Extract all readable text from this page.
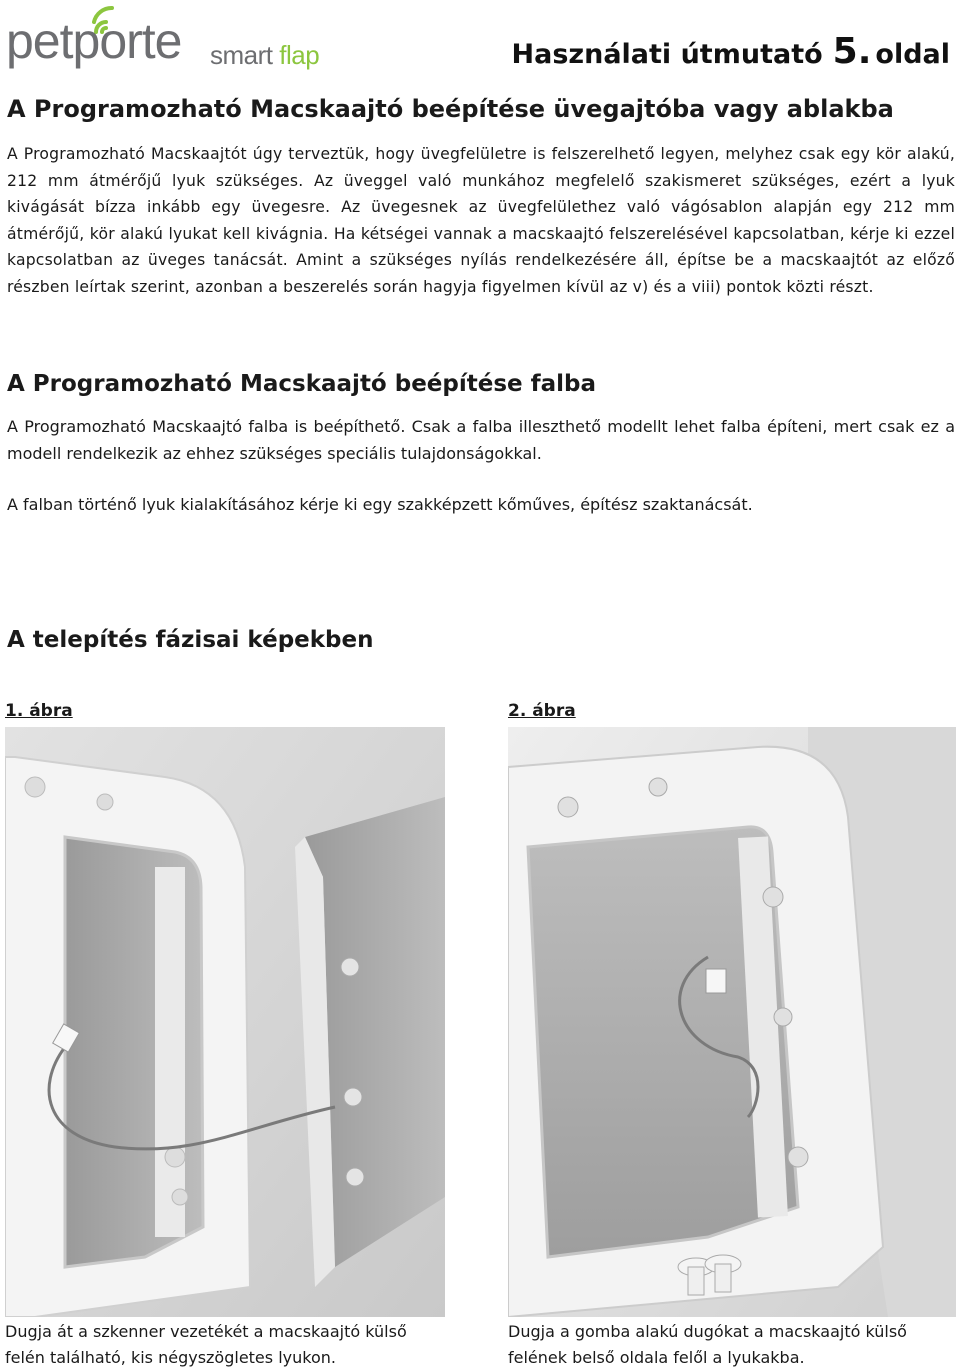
petporte smart flap	Használati útmutató 5. oldal
A Programozható Macskaajtó beépítése üvegajtóba vagy ablakba

A Programozható Macskaajtót úgy terveztük, hogy üvegfelületre is felszerelhető legyen, melyhez csak egy kör alakú, 212 mm átmérőjű lyuk szükséges. Az üveggel való munkához megfelelő szakismeret szükséges, ezért a lyuk kivágását bízza inkább egy üvegesre. Az üvegesnek az üvegfelülethez való vágósablon alapján egy 212 mm átmérőjű, kör alakú lyukat kell kivágnia. Ha kétségei vannak a macskaajtó felszerelésével kapcsolatban, kérje ki ezzel kapcsolatban az üveges tanácsát. Amint a szükséges nyílás rendelkezésére áll, építse be a macskaajtót az előző részben leírtak szerint, azonban a beszerelés során hagyja figyelmen kívül az v) és a viii) pontok közti részt.

A Programozható Macskaajtó beépítése falba

A Programozható Macskaajtó falba is beépíthető. Csak a falba illeszthető modellt lehet falba építeni, mert csak ez a modell rendelkezik az ehhez szükséges speciális tulajdonságokkal.

A falban történő lyuk kialakításához kérje ki egy szakképzett kőműves, építész szaktanácsát.

A telepítés fázisai képekben
1. ábra	2. ábra

Dugja át a szkenner vezetékét a macskaajtó külső felén található, kis négyszögletes lyukon.

Dugja a gomba alakú dugókat a macskaajtó külső felének belső oldala felől a lyukakba.
